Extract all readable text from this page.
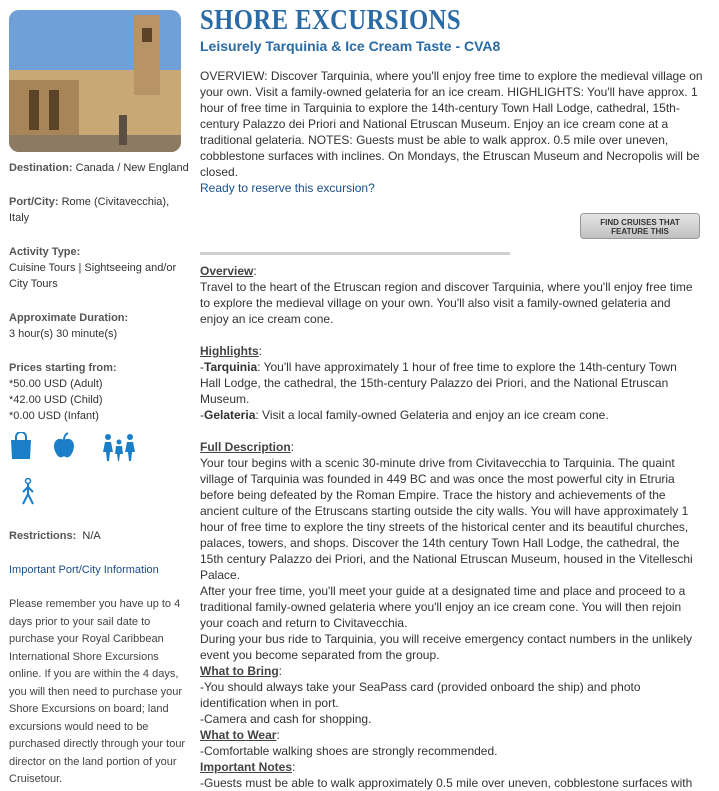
Destination: Canada / New England
Port/City: Rome (Civitavecchia), Italy
Activity Type:
Cuisine Tours | Sightseeing and/or City Tours
Approximate Duration:
3 hour(s) 30 minute(s)
Prices starting from:
*50.00 USD (Adult)
*42.00 USD (Child)
*0.00 USD (Infant)
Restrictions: N/A
Important Port/City Information
Please remember you have up to 4 days prior to your sail date to purchase your Royal Caribbean International Shore Excursions online. If you are within the 4 days, you will then need to purchase your Shore Excursions on board; land excursions would need to be purchased directly through your tour director on the land portion of your Cruisetour.
SHORE EXCURSIONS
Leisurely Tarquinia & Ice Cream Taste - CVA8
OVERVIEW: Discover Tarquinia, where you'll enjoy free time to explore the medieval village on your own. Visit a family-owned gelateria for an ice cream. HIGHLIGHTS: You'll have approx. 1 hour of free time in Tarquinia to explore the 14th-century Town Hall Lodge, cathedral, 15th-century Palazzo dei Priori and National Etruscan Museum. Enjoy an ice cream cone at a traditional gelateria. NOTES: Guests must be able to walk approx. 0.5 mile over uneven, cobblestone surfaces with inclines. On Mondays, the Etruscan Museum and Necropolis will be closed.
Ready to reserve this excursion?
FIND CRUISES THAT FEATURE THIS
Overview:
Travel to the heart of the Etruscan region and discover Tarquinia, where you'll enjoy free time to explore the medieval village on your own. You'll also visit a family-owned gelateria and enjoy an ice cream cone.
Highlights:
-Tarquinia: You'll have approximately 1 hour of free time to explore the 14th-century Town Hall Lodge, the cathedral, the 15th-century Palazzo dei Priori, and the National Etruscan Museum.
-Gelateria: Visit a local family-owned Gelateria and enjoy an ice cream cone.
Full Description:
Your tour begins with a scenic 30-minute drive from Civitavecchia to Tarquinia. The quaint village of Tarquinia was founded in 449 BC and was once the most powerful city in Etruria before being defeated by the Roman Empire. Trace the history and achievements of the ancient culture of the Etruscans starting outside the city walls. You will have approximately 1 hour of free time to explore the tiny streets of the historical center and its beautiful churches, palaces, towers, and shops. Discover the 14th century Town Hall Lodge, the cathedral, the 15th century Palazzo dei Priori, and the National Etruscan Museum, housed in the Vitelleschi Palace.
After your free time, you'll meet your guide at a designated time and place and proceed to a traditional family-owned gelateria where you'll enjoy an ice cream cone. You will then rejoin your coach and return to Civitavecchia.
During your bus ride to Tarquinia, you will receive emergency contact numbers in the unlikely event you become separated from the group.
What to Bring:
-You should always take your SeaPass card (provided onboard the ship) and photo identification when in port.
-Camera and cash for shopping.
What to Wear:
-Comfortable walking shoes are strongly recommended.
Important Notes:
-Guests must be able to walk approximately 0.5 mile over uneven, cobblestone surfaces with
